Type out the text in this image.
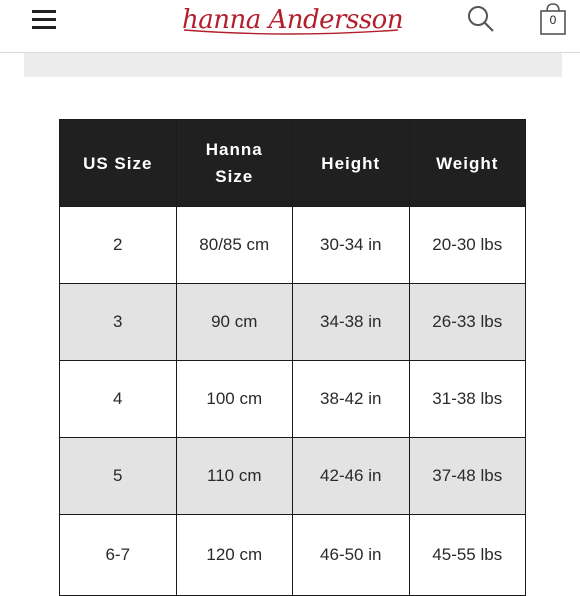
hanna Andersson	0
US Size	Hanna Size	Height	Weight
2	80/85 cm	30-34 in	20-30 lbs
3	90 cm	34-38 in	26-33 lbs
4	100 cm	38-42 in	31-38 lbs
5	110 cm	42-46 in	37-48 lbs
6-7	120 cm	46-50 in	45-55 lbs
